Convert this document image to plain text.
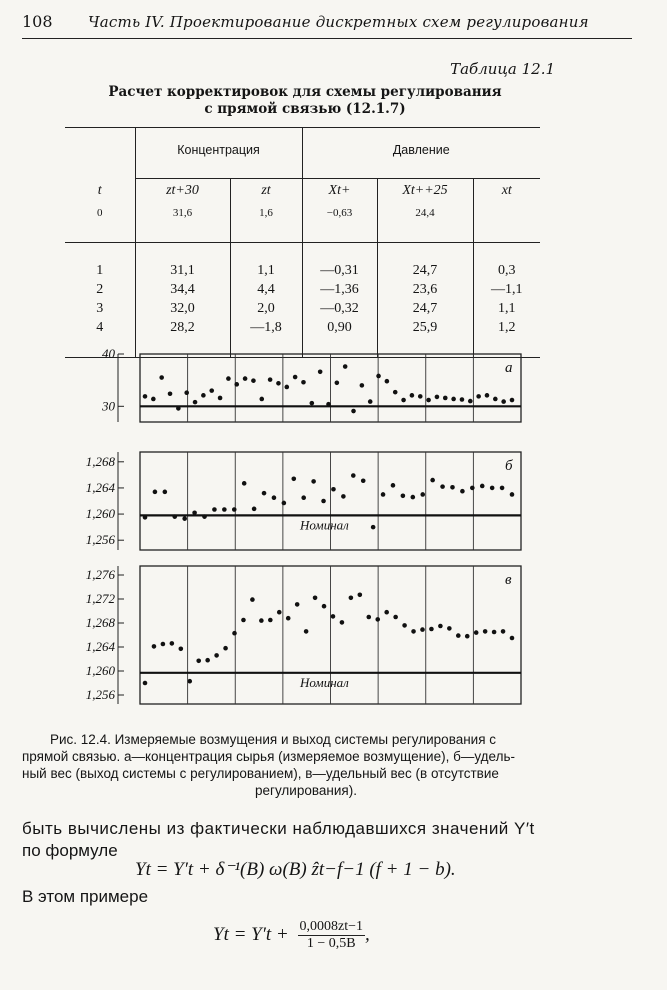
108 Часть IV. Проектирование дискретных схем регулирования
Таблица 12.1
Расчет корректировок для схемы регулирования
с прямой связью (12.1.7)

	Концентрация		Давление		

t	zt+30	zt	Xt+	Xt++25	xt
0	31,6	1,6	−0,63	24,4	

1	31,1	1,1	—0,31	24,7	0,3
2	34,4	4,4	—1,36	23,6	—1,1
3	32,0	2,0	—0,32	24,7	1,1
4	28,2	—1,8	0,90	25,9	1,2

а
40
30
Номинал
б
1,268
1,264
1,260
1,256
Номинал
в
1,276
1,272
1,268
1,264
1,260
1,256
Рис. 12.4. Измеряемые возмущения и выход системы регулирования с
прямой связью. а—концентрация сырья (измеряемое возмущение), б—удель-
ный вес (выход системы с регулированием), в—удельный вес (в отсутствие
регулирования).
быть вычислены из фактически наблюдавшихся значений Y′t
по формуле
Yt = Y′t + δ⁻¹(B) ω(B) ẑt−f−1 (f + 1 − b).
В этом примере
$Yt = Y't + \frac{0,0008zt-1}{1 - 0,5B}$ ,
